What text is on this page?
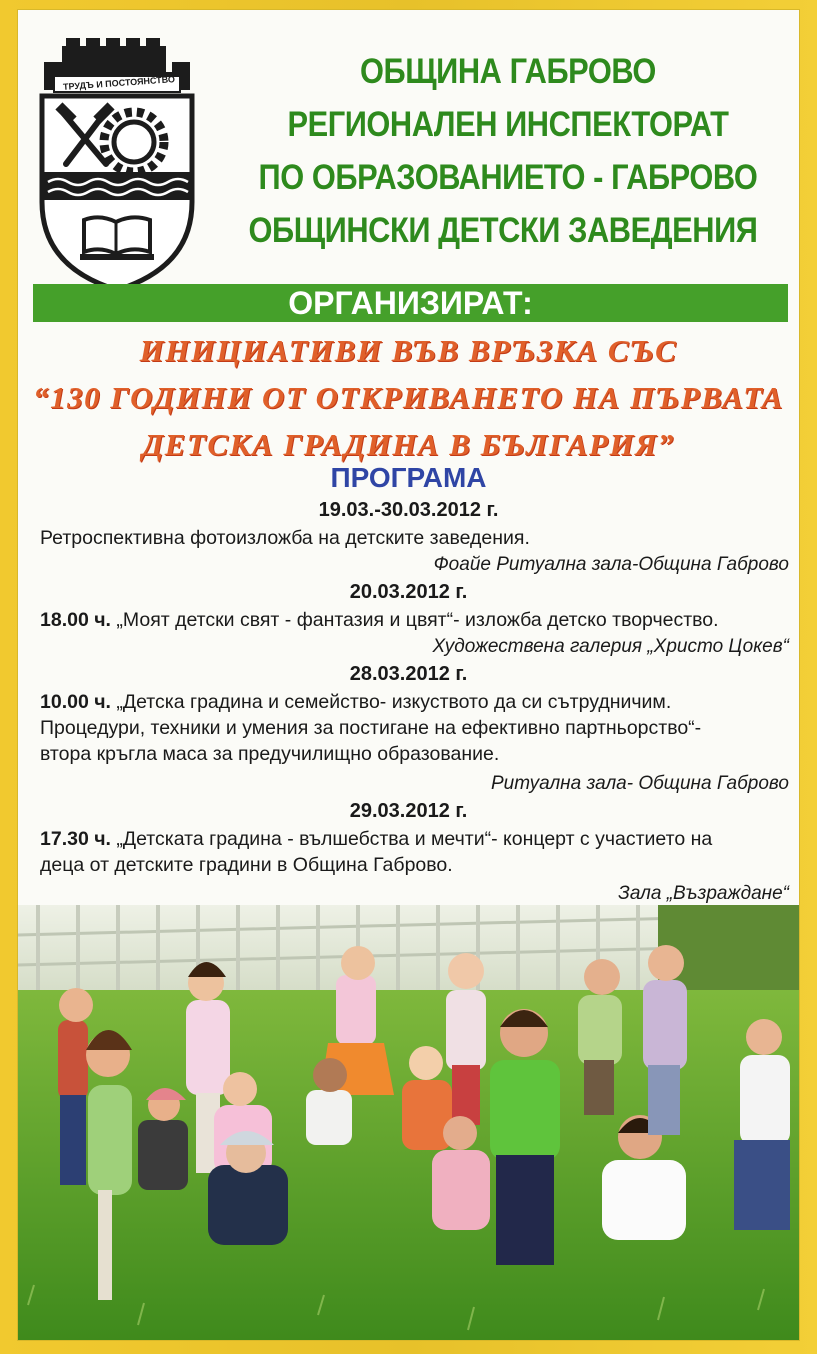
ТРУДЪ И ПОСТОЯНСТВО	ОБЩИНА ГАБРОВО
РЕГИОНАЛЕН ИНСПЕКТОРАТ
ПО ОБРАЗОВАНИЕТО - ГАБРОВО
ОБЩИНСКИ ДЕТСКИ ЗАВЕДЕНИЯ
ОРГАНИЗИРАТ:
ИНИЦИАТИВИ ВЪВ ВРЪЗКА СЪС
“130 ГОДИНИ ОТ ОТКРИВАНЕТО НА ПЪРВАТА
ДЕТСКА ГРАДИНА В БЪЛГАРИЯ”
ПРОГРАМА
19.03.-30.03.2012 г.
Ретроспективна фотоизложба на детските заведения.
Фоайе Ритуална зала-Община Габрово
20.03.2012 г.
18.00 ч. „Моят детски свят - фантазия и цвят“- изложба детско творчество.
Художествена галерия „Христо Цокев“
28.03.2012 г.
10.00 ч. „Детска градина и семейство- изкуството да си сътрудничим.
Процедури, техники и умения за постигане на ефективно партньорство“-
втора кръгла маса за предучилищно образование.
Ритуална зала- Община Габрово
29.03.2012 г.
17.30 ч. „Детската градина - вълшебства и мечти“- концерт с участието на
деца от детските градини в Община Габрово.
Зала „Възраждане“
